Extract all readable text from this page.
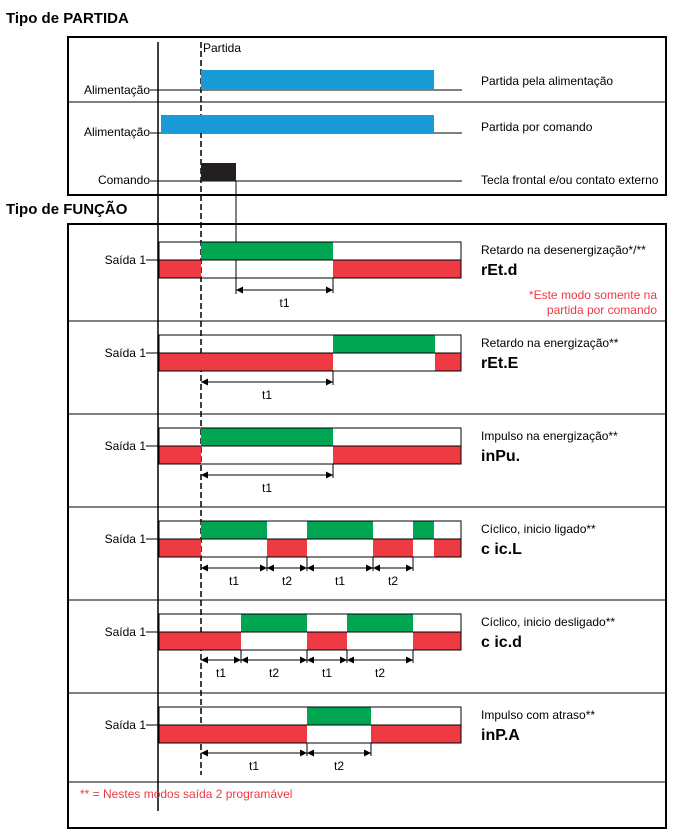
Tipo de PARTIDA
Tipo de FUNÇÃO
Partida
Alimentação
Partida pela alimentação
Alimentação	Partida por comando
Comando	Tecla frontal e/ou contato externo
Saída 1
t1
Retardo na desenergização*/**
rEt.d
*Este modo somente na
partida por comando
Saída 1
t1
Retardo na energização**
rEt.E
Saída 1
t1
Impulso na energização**
inPu.
Saída 1
t1	t2	t1	t2
Cíclico, inicio ligado**
c ic.L
Saída 1
t1	t2	t1	t2
Cíclico, inicio desligado**
c ic.d
Saída 1
t1	t2
Impulso com atraso**
inP.A
** = Nestes modos saída 2 programável
